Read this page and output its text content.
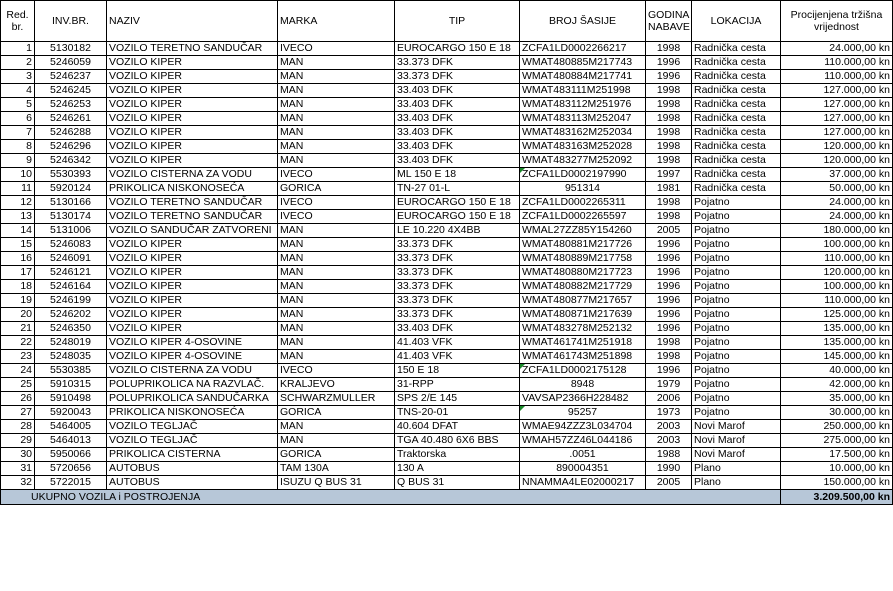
Red. br.	INV.BR.	NAZIV	MARKA	TIP	BROJ ŠASIJE	GODINA NABAVE	LOKACIJA	Procijenjena tržišna vrijednost
1	5130182	VOZILO TERETNO SANDUČAR	IVECO	EUROCARGO 150 E 18	ZCFA1LD0002266217	1998	Radnička cesta	24.000,00 kn
2	5246059	VOZILO KIPER	MAN	33.373 DFK	WMAT480885M217743	1996	Radnička cesta	110.000,00 kn
3	5246237	VOZILO KIPER	MAN	33.373 DFK	WMAT480884M217741	1996	Radnička cesta	110.000,00 kn
4	5246245	VOZILO KIPER	MAN	33.403 DFK	WMAT483111M251998	1998	Radnička cesta	127.000,00 kn
5	5246253	VOZILO KIPER	MAN	33.403 DFK	WMAT483112M251976	1998	Radnička cesta	127.000,00 kn
6	5246261	VOZILO KIPER	MAN	33.403 DFK	WMAT483113M252047	1998	Radnička cesta	127.000,00 kn
7	5246288	VOZILO KIPER	MAN	33.403 DFK	WMAT483162M252034	1998	Radnička cesta	127.000,00 kn
8	5246296	VOZILO KIPER	MAN	33.403 DFK	WMAT483163M252028	1998	Radnička cesta	120.000,00 kn
9	5246342	VOZILO KIPER	MAN	33.403 DFK	WMAT483277M252092	1998	Radnička cesta	120.000,00 kn
10	5530393	VOZILO CISTERNA ZA VODU	IVECO	ML 150 E 18	ZCFA1LD0002197990	1997	Radnička cesta	37.000,00 kn
11	5920124	PRIKOLICA NISKONOSEĆA	GORICA	TN-27 01-L	951314	1981	Radnička cesta	50.000,00 kn
12	5130166	VOZILO TERETNO SANDUČAR	IVECO	EUROCARGO 150 E 18	ZCFA1LD0002265311	1998	Pojatno	24.000,00 kn
13	5130174	VOZILO TERETNO SANDUČAR	IVECO	EUROCARGO 150 E 18	ZCFA1LD0002265597	1998	Pojatno	24.000,00 kn
14	5131006	VOZILO SANDUČAR ZATVORENI	MAN	LE 10.220 4X4BB	WMAL27ZZ85Y154260	2005	Pojatno	180.000,00 kn
15	5246083	VOZILO KIPER	MAN	33.373 DFK	WMAT480881M217726	1996	Pojatno	100.000,00 kn
16	5246091	VOZILO KIPER	MAN	33.373 DFK	WMAT480889M217758	1996	Pojatno	110.000,00 kn
17	5246121	VOZILO KIPER	MAN	33.373 DFK	WMAT480880M217723	1996	Pojatno	120.000,00 kn
18	5246164	VOZILO KIPER	MAN	33.373 DFK	WMAT480882M217729	1996	Pojatno	100.000,00 kn
19	5246199	VOZILO KIPER	MAN	33.373 DFK	WMAT480877M217657	1996	Pojatno	110.000,00 kn
20	5246202	VOZILO KIPER	MAN	33.373 DFK	WMAT480871M217639	1996	Pojatno	125.000,00 kn
21	5246350	VOZILO KIPER	MAN	33.403 DFK	WMAT483278M252132	1996	Pojatno	135.000,00 kn
22	5248019	VOZILO KIPER 4-OSOVINE	MAN	41.403 VFK	WMAT461741M251918	1998	Pojatno	135.000,00 kn
23	5248035	VOZILO KIPER 4-OSOVINE	MAN	41.403 VFK	WMAT461743M251898	1998	Pojatno	145.000,00 kn
24	5530385	VOZILO CISTERNA ZA VODU	IVECO	150 E 18	ZCFA1LD0002175128	1996	Pojatno	40.000,00 kn
25	5910315	POLUPRIKOLICA NA RAZVLAČ.	KRALJEVO	31-RPP	8948	1979	Pojatno	42.000,00 kn
26	5910498	POLUPRIKOLICA SANDUČARKA	SCHWARZMULLER	SPS 2/E 145	VAVSAP2366H228482	2006	Pojatno	35.000,00 kn
27	5920043	PRIKOLICA NISKONOSEĆA	GORICA	TNS-20-01	95257	1973	Pojatno	30.000,00 kn
28	5464005	VOZILO TEGLJAČ	MAN	40.604 DFAT	WMAE94ZZZ3L034704	2003	Novi Marof	250.000,00 kn
29	5464013	VOZILO TEGLJAČ	MAN	TGA 40.480 6X6 BBS	WMAH57ZZ46L044186	2003	Novi Marof	275.000,00 kn
30	5950066	PRIKOLICA CISTERNA	GORICA	Traktorska	.0051	1988	Novi Marof	17.500,00 kn
31	5720656	AUTOBUS	TAM 130A	130 A	890004351	1990	Plano	10.000,00 kn
32	5722015	AUTOBUS	ISUZU Q BUS 31	Q BUS 31	NNAMMA4LE02000217	2005	Plano	150.000,00 kn
UKUPNO VOZILA i POSTROJENJA								3.209.500,00 kn
